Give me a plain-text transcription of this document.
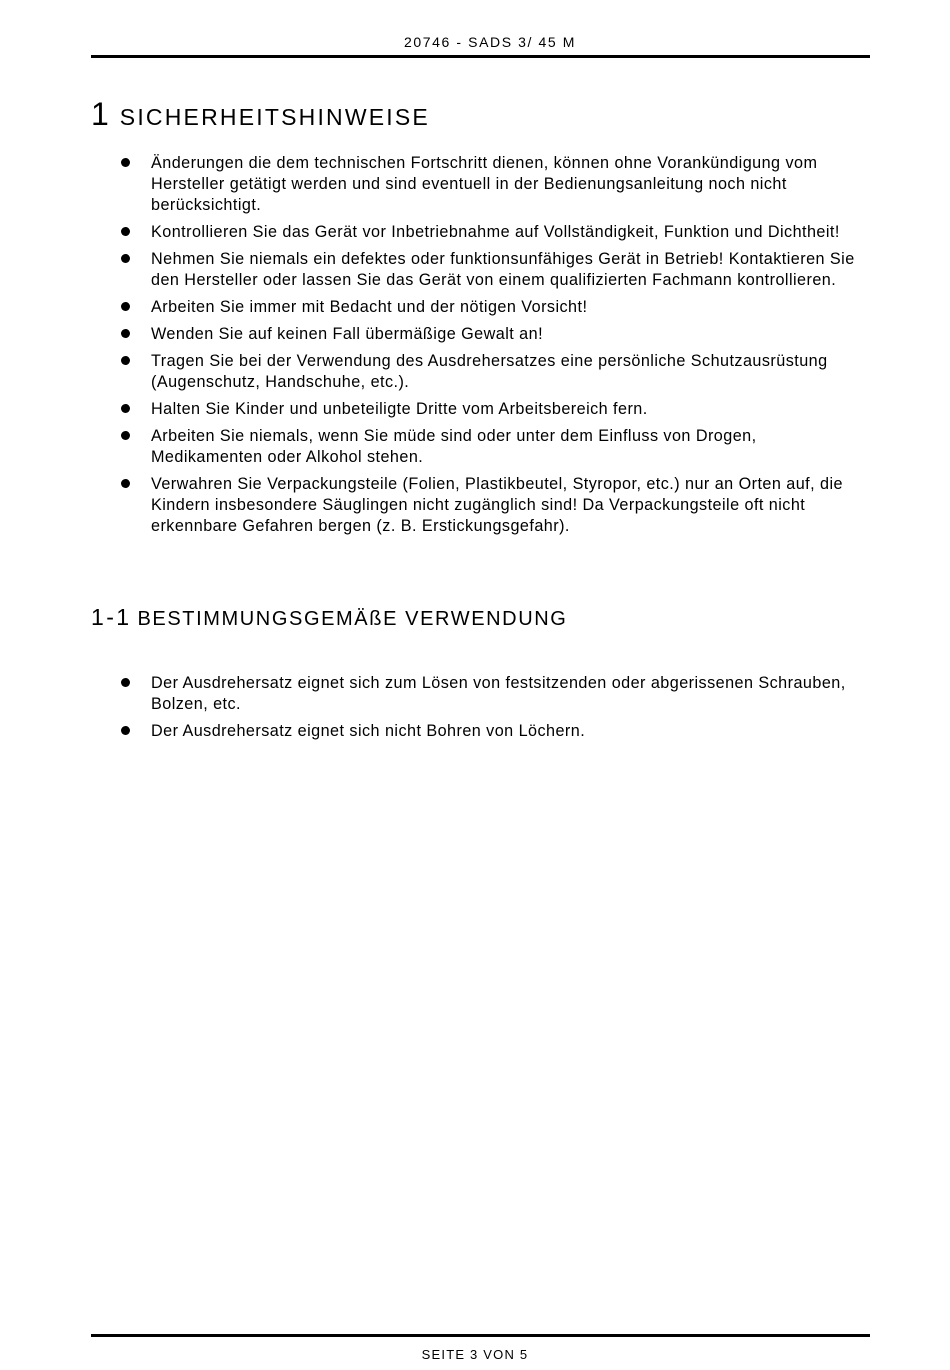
20746 - SADS 3/ 45 M
1 SICHERHEITSHINWEISE
Änderungen die dem technischen Fortschritt dienen, können ohne Vorankündigung vom Hersteller getätigt werden und sind eventuell in der Bedienungsanleitung noch nicht berücksichtigt.
Kontrollieren Sie das Gerät vor Inbetriebnahme auf Vollständigkeit, Funktion und Dichtheit!
Nehmen Sie niemals ein defektes oder funktionsunfähiges Gerät in Betrieb! Kontaktieren Sie den Hersteller oder lassen Sie das Gerät von einem qualifizierten Fachmann kontrollieren.
Arbeiten Sie immer mit Bedacht und der nötigen Vorsicht!
Wenden Sie auf keinen Fall übermäßige Gewalt an!
Tragen Sie bei der Verwendung des Ausdrehersatzes eine persönliche Schutzausrüstung (Augenschutz, Handschuhe, etc.).
Halten Sie Kinder und unbeteiligte Dritte vom Arbeitsbereich fern.
Arbeiten Sie niemals, wenn Sie müde sind oder unter dem Einfluss von Drogen, Medikamenten oder Alkohol stehen.
Verwahren Sie Verpackungsteile (Folien, Plastikbeutel, Styropor, etc.) nur an Orten auf, die Kindern insbesondere Säuglingen nicht zugänglich sind! Da Verpackungsteile oft nicht erkennbare Gefahren bergen (z. B. Erstickungsgefahr).
1-1 BESTIMMUNGSGEMÄßE VERWENDUNG
Der Ausdrehersatz eignet sich zum Lösen von festsitzenden oder abgerissenen Schrauben, Bolzen, etc.
Der Ausdrehersatz eignet sich nicht Bohren von Löchern.
SEITE 3 VON 5
